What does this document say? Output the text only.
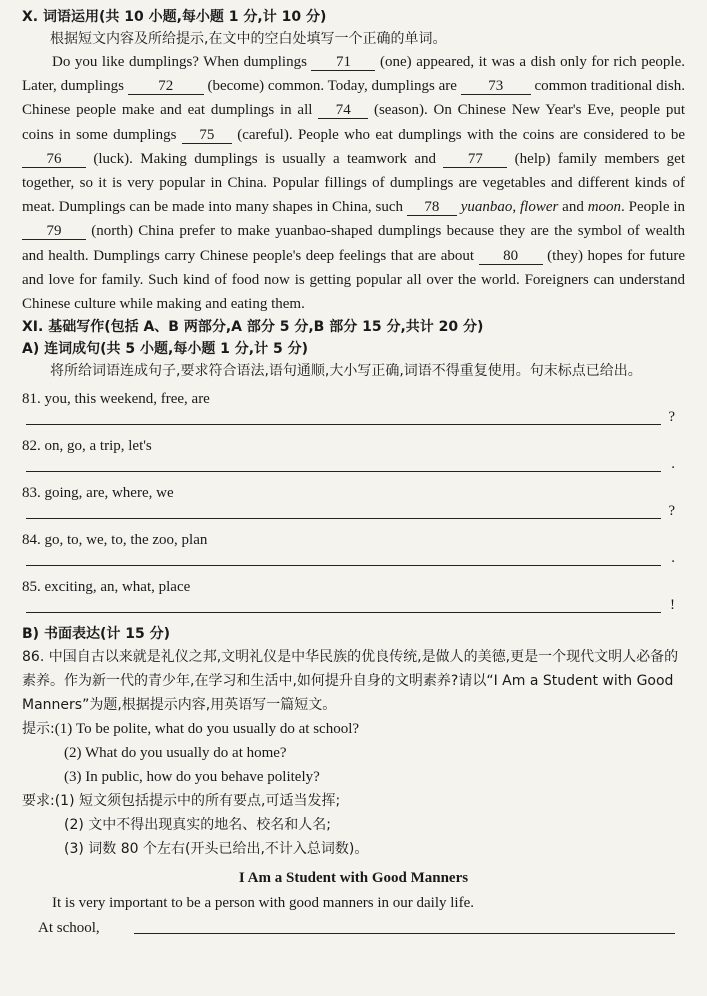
X. 词语运用(共 10 小题,每小题 1 分,计 10 分)
根据短文内容及所给提示,在文中的空白处填写一个正确的单词。

Do you like dumplings? When dumplings 71 (one) appeared, it was a dish only for rich people. Later, dumplings 72 (become) common. Today, dumplings are 73 common traditional dish. Chinese people make and eat dumplings in all 74 (season). On Chinese New Year's Eve, people put coins in some dumplings 75 (careful). People who eat dumplings with the coins are considered to be 76 (luck). Making dumplings is usually a teamwork and 77 (help) family members get together, so it is very popular in China. Popular fillings of dumplings are vegetables and different kinds of meat. Dumplings can be made into many shapes in China, such 78 yuanbao, flower and moon. People in 79 (north) China prefer to make yuanbao-shaped dumplings because they are the symbol of wealth and health. Dumplings carry Chinese people's deep feelings that are about 80 (they) hopes for future and love for family. Such kind of food now is getting popular all over the world. Foreigners can understand Chinese culture while making and eating them.

XI. 基础写作(包括 A、B 两部分,A 部分 5 分,B 部分 15 分,共计 20 分)
A) 连词成句(共 5 小题,每小题 1 分,计 5 分)
将所给词语连成句子,要求符合语法,语句通顺,大小写正确,词语不得重复使用。句末标点已给出。
81. you, this weekend, free, are
?
82. on, go, a trip, let's
.
83. going, are, where, we
?
84. go, to, we, to, the zoo, plan
.
85. exciting, an, what, place
!
B) 书面表达(计 15 分)
86. 中国自古以来就是礼仪之邦,文明礼仪是中华民族的优良传统,是做人的美德,更是一个现代文明人必备的素养。作为新一代的青少年,在学习和生活中,如何提升自身的文明素养?请以“I Am a Student with Good Manners”为题,根据提示内容,用英语写一篇短文。
提示:(1) To be polite, what do you usually do at school?
(2) What do you usually do at home?
(3) In public, how do you behave politely?
要求:(1) 短文须包括提示中的所有要点,可适当发挥;
(2) 文中不得出现真实的地名、校名和人名;
(3) 词数 80 个左右(开头已给出,不计入总词数)。
I Am a Student with Good Manners
It is very important to be a person with good manners in our daily life.
At school,
